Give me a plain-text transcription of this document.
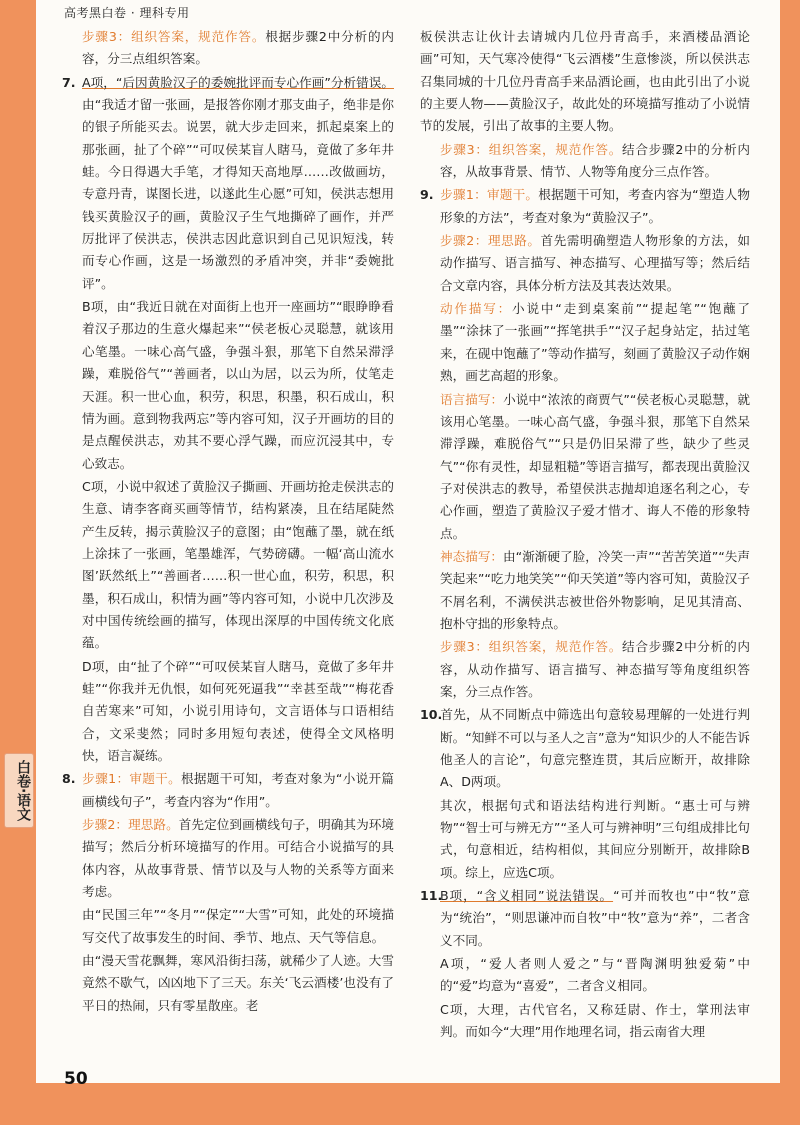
高考黑白卷 · 理科专用
白卷·语文
50

步骤3：组织答案，规范作答。根据步骤2中分析的内容，分三点组织答案。

7. A项，“后因黄脸汉子的委婉批评而专心作画”分析错误。由“我适才留一张画，是报答你刚才那支曲子，绝非是你的银子所能买去。说罢，就大步走回来，抓起桌案上的那张画，扯了个碎”“可叹侯某盲人瞎马，竟做了多年井蛙。今日得遇大手笔，才得知天高地厚……改做画坊，专意丹青，谋图长进，以遂此生心愿”可知，侯洪志想用钱买黄脸汉子的画，黄脸汉子生气地撕碎了画作，并严厉批评了侯洪志，侯洪志因此意识到自己见识短浅，转而专心作画，这是一场激烈的矛盾冲突，并非“委婉批评”。

B项，由“我近日就在对面街上也开一座画坊”“眼睁睁看着汉子那边的生意火爆起来”“侯老板心灵聪慧，就该用心笔墨。一味心高气盛，争强斗狠，那笔下自然呆滞浮躁，难脱俗气”“善画者，以山为居，以云为所，仗笔走天涯。积一世心血，积劳，积思，积墨，积石成山，积情为画。意到物我两忘”等内容可知，汉子开画坊的目的是点醒侯洪志，劝其不要心浮气躁，而应沉浸其中，专心致志。

C项，小说中叙述了黄脸汉子撕画、开画坊抢走侯洪志的生意、请李客商买画等情节，结构紧凑，且在结尾陡然产生反转，揭示黄脸汉子的意图；由“饱蘸了墨，就在纸上涂抹了一张画，笔墨雄浑，气势磅礴。一幅‘高山流水图’跃然纸上”“善画者……积一世心血，积劳，积思，积墨，积石成山，积情为画”等内容可知，小说中几次涉及对中国传统绘画的描写，体现出深厚的中国传统文化底蕴。

D项，由“扯了个碎”“可叹侯某盲人瞎马，竟做了多年井蛙”“你我并无仇恨，如何死死逼我”“幸甚至哉”“梅花香自苦寒来”可知，小说引用诗句，文言语体与口语相结合，文采斐然；同时多用短句表述，使得全文风格明快，语言凝练。

8. 步骤1：审题干。根据题干可知，考查对象为“小说开篇画横线句子”，考查内容为“作用”。

步骤2：理思路。首先定位到画横线句子，明确其为环境描写；然后分析环境描写的作用。可结合小说描写的具体内容，从故事背景、情节以及与人物的关系等方面来考虑。

由“民国三年”“冬月”“保定”“大雪”可知，此处的环境描写交代了故事发生的时间、季节、地点、天气等信息。

由“漫天雪花飘舞，寒风沿街扫荡，就稀少了人迹。大雪竟然不歇气，凶凶地下了三天。东关‘飞云酒楼’也没有了平日的热闹，只有零星散座。老

板侯洪志让伙计去请城内几位丹青高手，来酒楼品酒论画”可知，天气寒冷使得“飞云酒楼”生意惨淡，所以侯洪志召集同城的十几位丹青高手来品酒论画，也由此引出了小说的主要人物——黄脸汉子，故此处的环境描写推动了小说情节的发展，引出了故事的主要人物。

步骤3：组织答案，规范作答。结合步骤2中的分析内容，从故事背景、情节、人物等角度分三点作答。

9. 步骤1：审题干。根据题干可知，考查内容为“塑造人物形象的方法”，考查对象为“黄脸汉子”。

步骤2：理思路。首先需明确塑造人物形象的方法，如动作描写、语言描写、神态描写、心理描写等；然后结合文章内容，具体分析方法及其表达效果。

动作描写：小说中“走到桌案前”“提起笔”“饱蘸了墨”“涂抹了一张画”“挥笔拱手”“汉子起身站定，拈过笔来，在砚中饱蘸了”等动作描写，刻画了黄脸汉子动作娴熟，画艺高超的形象。

语言描写：小说中“浓浓的商贾气”“侯老板心灵聪慧，就该用心笔墨。一味心高气盛，争强斗狠，那笔下自然呆滞浮躁，难脱俗气”“只是仍旧呆滞了些，缺少了些灵气”“你有灵性，却显粗糙”等语言描写，都表现出黄脸汉子对侯洪志的教导，希望侯洪志抛却追逐名利之心，专心作画，塑造了黄脸汉子爱才惜才、诲人不倦的形象特点。

神态描写：由“渐渐硬了脸，冷笑一声”“苦苦笑道”“失声笑起来”“吃力地笑笑”“仰天笑道”等内容可知，黄脸汉子不屑名利，不满侯洪志被世俗外物影响，足见其清高、抱朴守拙的形象特点。

步骤3：组织答案，规范作答。结合步骤2中分析的内容，从动作描写、语言描写、神态描写等角度组织答案，分三点作答。

10.首先，从不同断点中筛选出句意较易理解的一处进行判断。“知鲜不可以与圣人之言”意为“知识少的人不能告诉他圣人的言论”，句意完整连贯，其后应断开，故排除A、D两项。

其次，根据句式和语法结构进行判断。“惠士可与辨物”“智士可与辨无方”“圣人可与辨神明”三句组成排比句式，句意相近，结构相似，其间应分别断开，故排除B项。综上，应选C项。

11.B项，“含义相同”说法错误。“可并而牧也”中“牧”意为“统治”，“则思谦冲而自牧”中“牧”意为“养”，二者含义不同。

A项，“爱人者则人爱之”与“晋陶渊明独爱菊”中的“爱”均意为“喜爱”，二者含义相同。

C项，大理，古代官名，又称廷尉、作士，掌刑法审判。而如今“大理”用作地理名词，指云南省大理
